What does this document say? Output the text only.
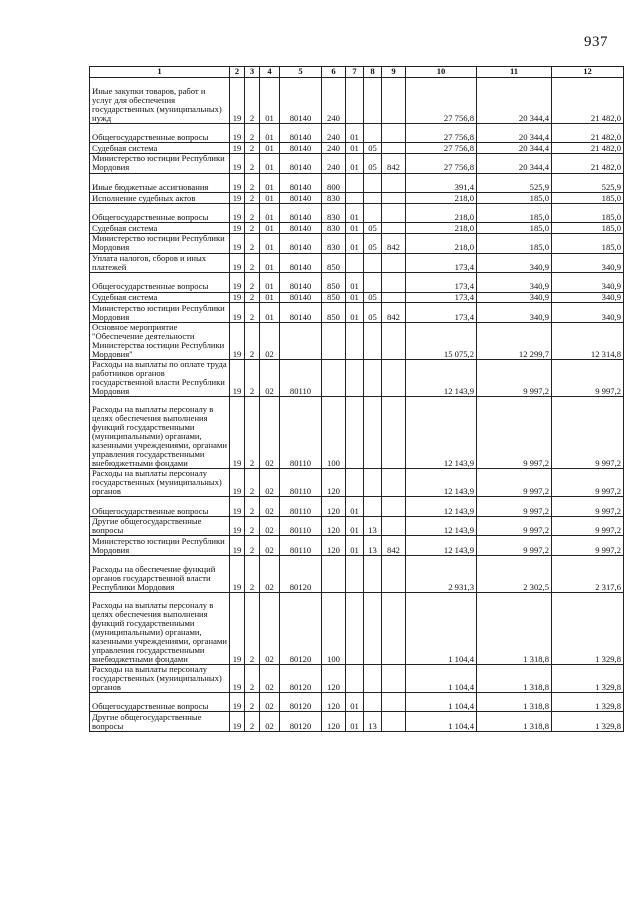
937
1	2	3	4	5	6	7	8	9	10	11	12
Иные закупки товаров, работ и услуг для обеспечения государственных (муниципальных) нужд	19	2	01	80140	240				27 756,8	20 344,4	21 482,0
Общегосударственные вопросы	19	2	01	80140	240	01			27 756,8	20 344,4	21 482,0
Судебная система	19	2	01	80140	240	01	05		27 756,8	20 344,4	21 482,0
Министерство юстиции Республики Мордовия	19	2	01	80140	240	01	05	842	27 756,8	20 344,4	21 482,0
Иные бюджетные ассигнования	19	2	01	80140	800				391,4	525,9	525,9
Исполнение судебных актов	19	2	01	80140	830				218,0	185,0	185,0
Общегосударственные вопросы	19	2	01	80140	830	01			218,0	185,0	185,0
Судебная система	19	2	01	80140	830	01	05		218,0	185,0	185,0
Министерство юстиции Республики Мордовия	19	2	01	80140	830	01	05	842	218,0	185,0	185,0
Уплата налогов, сборов и иных платежей	19	2	01	80140	850				173,4	340,9	340,9
Общегосударственные вопросы	19	2	01	80140	850	01			173,4	340,9	340,9
Судебная система	19	2	01	80140	850	01	05		173,4	340,9	340,9
Министерство юстиции Республики Мордовия	19	2	01	80140	850	01	05	842	173,4	340,9	340,9
Основное мероприятие "Обеспечение деятельности Министерства юстиции Республики Мордовия"	19	2	02						15 075,2	12 299,7	12 314,8
Расходы на выплаты по оплате труда работников органов государственной власти Республики Мордовия	19	2	02	80110					12 143,9	9 997,2	9 997,2
Расходы на выплаты персоналу в целях обеспечения выполнения функций государственными (муниципальными) органами, казенными учреждениями, органами управления государственными внебюджетными фондами	19	2	02	80110	100				12 143,9	9 997,2	9 997,2
Расходы на выплаты персоналу государственных (муниципальных) органов	19	2	02	80110	120				12 143,9	9 997,2	9 997,2
Общегосударственные вопросы	19	2	02	80110	120	01			12 143,9	9 997,2	9 997,2
Другие общегосударственные вопросы	19	2	02	80110	120	01	13		12 143,9	9 997,2	9 997,2
Министерство юстиции Республики Мордовия	19	2	02	80110	120	01	13	842	12 143,9	9 997,2	9 997,2
Расходы на обеспечение функций органов государственной власти Республики Мордовия	19	2	02	80120					2 931,3	2 302,5	2 317,6
Расходы на выплаты персоналу в целях обеспечения выполнения функций государственными (муниципальными) органами, казенными учреждениями, органами управления государственными внебюджетными фондами	19	2	02	80120	100				1 104,4	1 318,8	1 329,8
Расходы на выплаты персоналу государственных (муниципальных) органов	19	2	02	80120	120				1 104,4	1 318,8	1 329,8
Общегосударственные вопросы	19	2	02	80120	120	01			1 104,4	1 318,8	1 329,8
Другие общегосударственные вопросы	19	2	02	80120	120	01	13		1 104,4	1 318,8	1 329,8
